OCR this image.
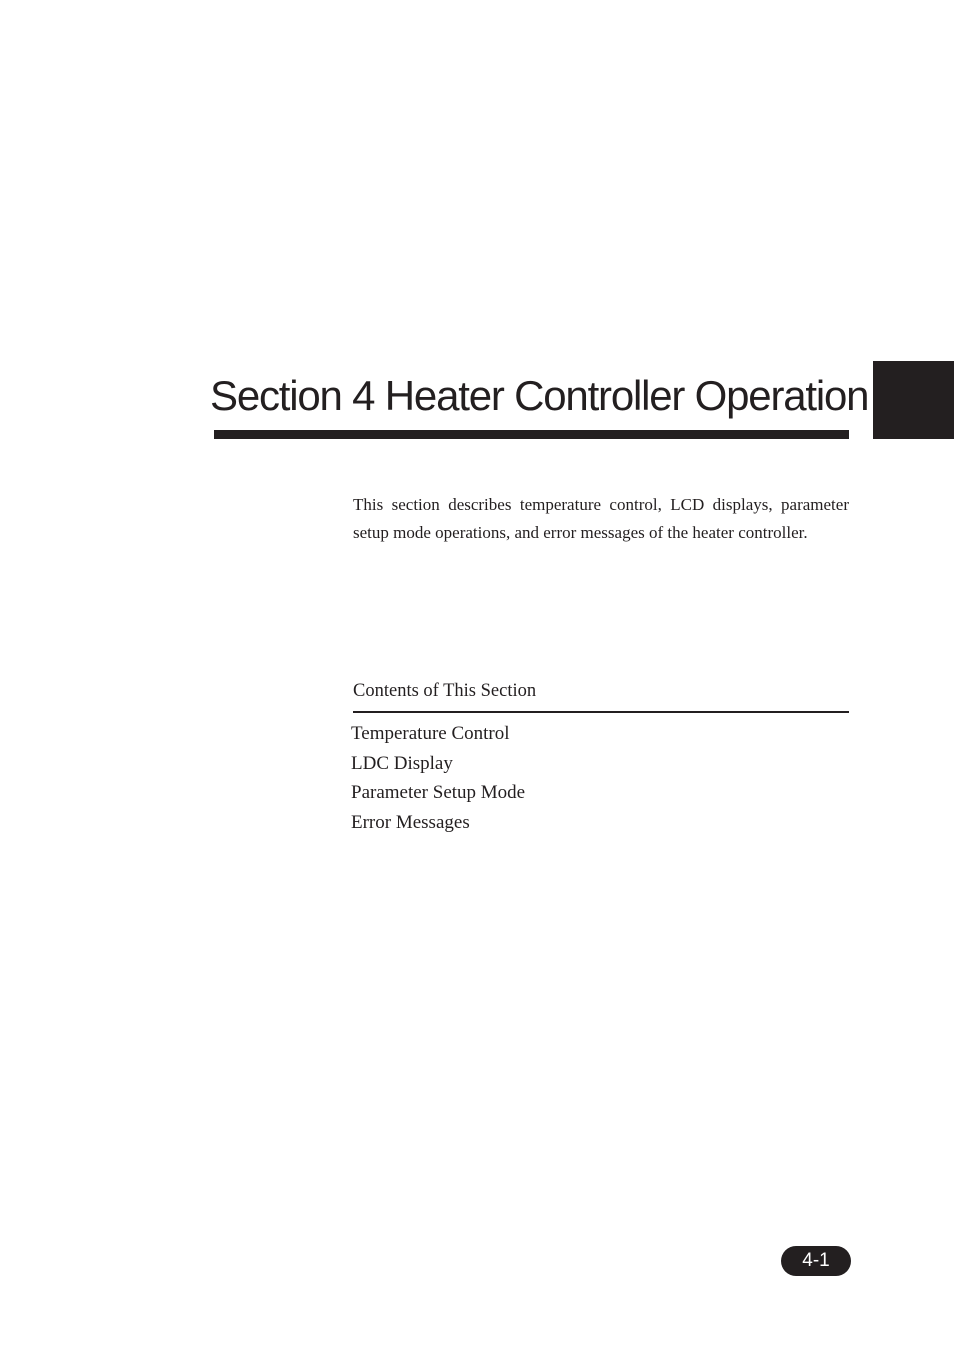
Section 4 Heater Controller Operation

This section describes temperature control, LCD displays, parameter setup mode operations, and error messages of the heater controller.

Contents of This Section
Temperature Control
LDC Display
Parameter Setup Mode
Error Messages
4-1
